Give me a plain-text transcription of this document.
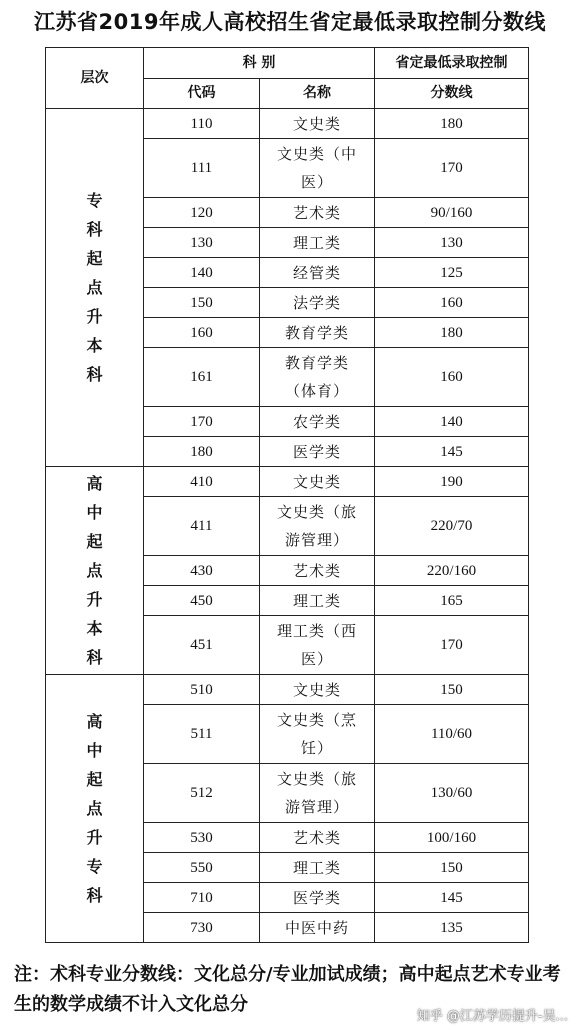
江苏省2019年成人高校招生省定最低录取控制分数线
层次	科 别		省定最低录取控制
	代码	名称	分数线

专科起点升本科	110	文史类	180
	111	文史类（中医）	170
	120	艺术类	90/160
	130	理工类	130
	140	经管类	125
	150	法学类	160
	160	教育学类	180
	161	教育学类（体育）	160
	170	农学类	140
	180	医学类	145

高中起点升本科	410	文史类	190
	411	文史类（旅游管理）	220/70
	430	艺术类	220/160
	450	理工类	165
	451	理工类（西医）	170

高中起点升专科	510	文史类	150
	511	文史类（烹饪）	110/60
	512	文史类（旅游管理）	130/60
	530	艺术类	100/160
	550	理工类	150
	710	医学类	145
	730	中医中药	135
注：术科专业分数线：文化总分/专业加试成绩；高中起点艺术专业考生的数学成绩不计入文化总分
知乎 @江苏学历提升-吴...
